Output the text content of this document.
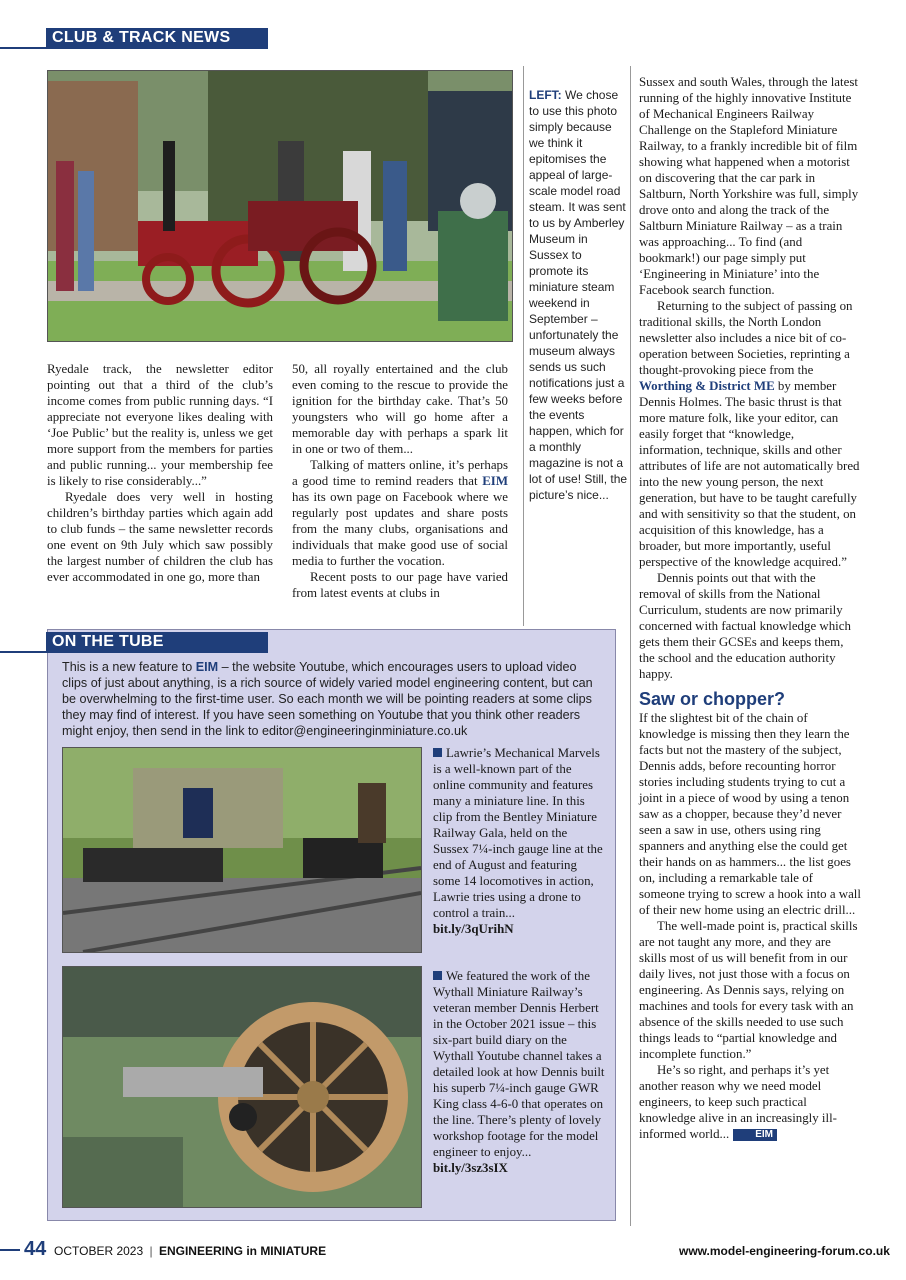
CLUB & TRACK NEWS
LEFT: We chose to use this photo simply because we think it epitomises the appeal of large-scale model road steam. It was sent to us by Amberley Museum in Sussex to promote its miniature steam weekend in September – unfortunately the museum always sends us such notifications just a few weeks before the events happen, which for a monthly magazine is not a lot of use! Still, the picture’s nice...

Ryedale track, the newsletter editor pointing out that a third of the club’s income comes from public running days. “I appreciate not everyone likes dealing with ‘Joe Public’ but the reality is, unless we get more support from the members for parties and public running... your membership fee is likely to rise considerably...”

Ryedale does very well in hosting children’s birthday parties which again add to club funds – the same newsletter records one event on 9th July which saw possibly the largest number of children the club has ever accommodated in one go, more than

50, all royally entertained and the club even coming to the rescue to provide the ignition for the birthday cake. That’s 50 youngsters who will go home after a memorable day with perhaps a spark lit in one or two of them...

Talking of matters online, it’s perhaps a good time to remind readers that EIM has its own page on Facebook where we regularly post updates and share posts from the many clubs, organisations and individuals that make good use of social media to further the vocation.

Recent posts to our page have varied from latest events at clubs in

ON THE TUBE
This is a new feature to EIM – the website Youtube, which encourages users to upload video clips of just about anything, is a rich source of widely varied model engineering content, but can be overwhelming to the first-time user. So each month we will be pointing readers at some clips they may find of interest. If you have seen something on Youtube that you think other readers might enjoy, then send in the link to editor@engineeringinminiature.co.uk

Lawrie’s Mechanical Marvels is a well-known part of the online community and features many a miniature line. In this clip from the Bentley Miniature Railway Gala, held on the Sussex 7¼-inch gauge line at the end of August and featuring some 14 locomotives in action, Lawrie tries using a drone to control a train...

bit.ly/3qUrihN

We featured the work of the Wythall Miniature Railway’s veteran member Dennis Herbert in the October 2021 issue – this six-part build diary on the Wythall Youtube channel takes a detailed look at how Dennis built his superb 7¼-inch gauge GWR King class 4-6-0 that operates on the line. There’s plenty of lovely workshop footage for the model engineer to enjoy...

bit.ly/3sz3sIX

Sussex and south Wales, through the latest running of the highly innovative Institute of Mechanical Engineers Railway Challenge on the Stapleford Miniature Railway, to a frankly incredible bit of film showing what happened when a motorist on discovering that the car park in Saltburn, North Yorkshire was full, simply drove onto and along the track of the Saltburn Miniature Railway – as a train was approaching... To find (and bookmark!) our page simply put ‘Engineering in Miniature’ into the Facebook search function.

Returning to the subject of passing on traditional skills, the North London newsletter also includes a nice bit of co-operation between Societies, reprinting a thought-provoking piece from the Worthing & District ME by member Dennis Holmes. The basic thrust is that more mature folk, like your editor, can easily forget that “knowledge, information, technique, skills and other attributes of life are not automatically bred into the new young person, the next generation, but have to be taught carefully and with sensitivity so that the student, on acquisition of this knowledge, has a broader, but more importantly, useful perspective of the knowledge acquired.”

Dennis points out that with the removal of skills from the National Curriculum, students are now primarily concerned with factual knowledge which gets them their GCSEs and keeps them, the school and the education authority happy.

Saw or chopper?

If the slightest bit of the chain of knowledge is missing then they learn the facts but not the mastery of the subject, Dennis adds, before recounting horror stories including students trying to cut a joint in a piece of wood by using a tenon saw as a chopper, because they’d never seen a saw in use, others using ring spanners and anything else the could get their hands on as hammers... the list goes on, including a remarkable tale of someone trying to screw a hook into a wall of their new home using an electric drill...

The well-made point is, practical skills are not taught any more, and they are skills most of us will benefit from in our daily lives, not just those with a focus on engineering. As Dennis says, relying on machines and tools for every task with an absence of the skills needed to use such things leads to “partial knowledge and incomplete function.”

He’s so right, and perhaps it’s yet another reason why we need model engineers, to keep such practical knowledge alive in an increasingly ill-informed world...	EIM

44 OCTOBER 2023 | ENGINEERING in MINIATURE	www.model-engineering-forum.co.uk
